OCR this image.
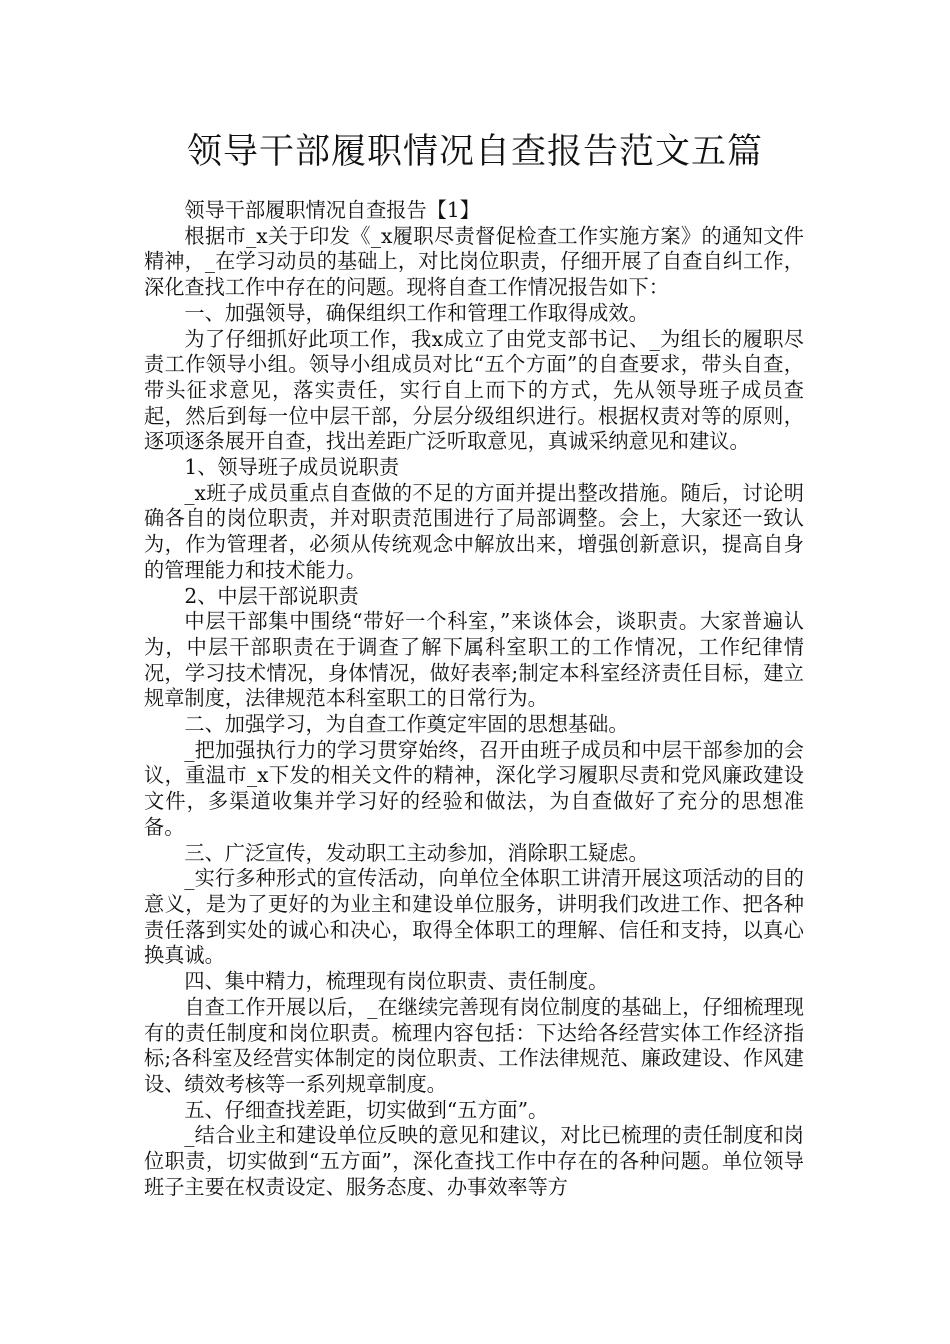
领导干部履职情况自查报告范文五篇

领导干部履职情况自查报告【1】

根据市_x关于印发《_x履职尽责督促检查工作实施方案》的通知文件精神，_在学习动员的基础上，对比岗位职责，仔细开展了自查自纠工作，深化查找工作中存在的问题。现将自查工作情况报告如下：

一、加强领导，确保组织工作和管理工作取得成效。

为了仔细抓好此项工作，我x成立了由党支部书记、_为组长的履职尽责工作领导小组。领导小组成员对比“五个方面”的自查要求，带头自查，带头征求意见，落实责任，实行自上而下的方式，先从领导班子成员查起，然后到每一位中层干部，分层分级组织进行。根据权责对等的原则，逐项逐条展开自查，找出差距广泛听取意见，真诚采纳意见和建议。

1、领导班子成员说职责

_x班子成员重点自查做的不足的方面并提出整改措施。随后，讨论明确各自的岗位职责，并对职责范围进行了局部调整。会上，大家还一致认为，作为管理者，必须从传统观念中解放出来，增强创新意识，提高自身的管理能力和技术能力。

2、中层干部说职责

中层干部集中围绕“带好一个科室，”来谈体会，谈职责。大家普遍认为，中层干部职责在于调查了解下属科室职工的工作情况，工作纪律情况，学习技术情况，身体情况，做好表率;制定本科室经济责任目标，建立规章制度，法律规范本科室职工的日常行为。

二、加强学习，为自查工作奠定牢固的思想基础。

_把加强执行力的学习贯穿始终，召开由班子成员和中层干部参加的会议，重温市_x下发的相关文件的精神，深化学习履职尽责和党风廉政建设文件，多渠道收集并学习好的经验和做法，为自查做好了充分的思想准备。

三、广泛宣传，发动职工主动参加，消除职工疑虑。

_实行多种形式的宣传活动，向单位全体职工讲清开展这项活动的目的意义，是为了更好的为业主和建设单位服务，讲明我们改进工作、把各种责任落到实处的诚心和决心，取得全体职工的理解、信任和支持，以真心换真诚。

四、集中精力，梳理现有岗位职责、责任制度。

自查工作开展以后，_在继续完善现有岗位制度的基础上，仔细梳理现有的责任制度和岗位职责。梳理内容包括：下达给各经营实体工作经济指标;各科室及经营实体制定的岗位职责、工作法律规范、廉政建设、作风建设、绩效考核等一系列规章制度。

五、仔细查找差距，切实做到“五方面”。

_结合业主和建设单位反映的意见和建议，对比已梳理的责任制度和岗位职责，切实做到“五方面”，深化查找工作中存在的各种问题。单位领导班子主要在权责设定、服务态度、办事效率等方
